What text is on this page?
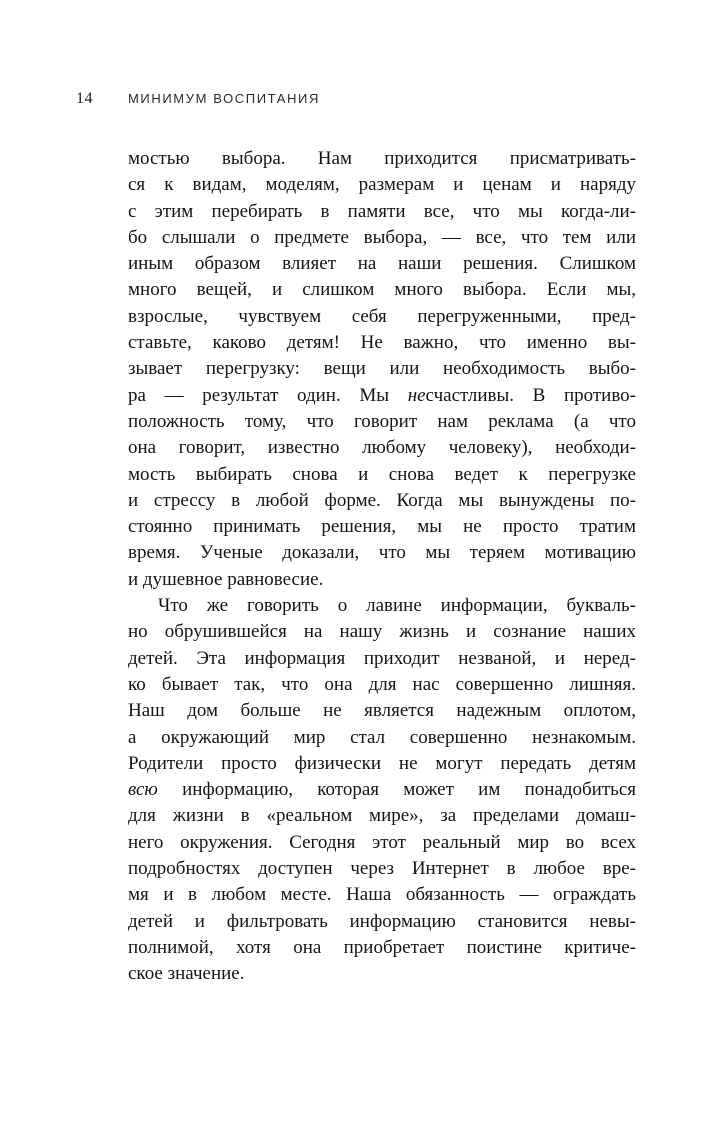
14	МИНИМУМ ВОСПИТАНИЯ
мостью выбора. Нам приходится присматривать-
ся к видам, моделям, размерам и ценам и наряду
с этим перебирать в памяти все, что мы когда-ли-
бо слышали о предмете выбора, — все, что тем или
иным образом влияет на наши решения. Слишком
много вещей, и слишком много выбора. Если мы,
взрослые, чувствуем себя перегруженными, пред-
ставьте, каково детям! Не важно, что именно вы-
зывает перегрузку: вещи или необходимость выбо-
ра — результат один. Мы несчастливы. В противо-
положность тому, что говорит нам реклама (а что
она говорит, известно любому человеку), необходи-
мость выбирать снова и снова ведет к перегрузке
и стрессу в любой форме. Когда мы вынуждены по-
стоянно принимать решения, мы не просто тратим
время. Ученые доказали, что мы теряем мотивацию
и душевное равновесие.
Что же говорить о лавине информации, букваль-
но обрушившейся на нашу жизнь и сознание наших
детей. Эта информация приходит незваной, и неред-
ко бывает так, что она для нас совершенно лишняя.
Наш дом больше не является надежным оплотом,
а окружающий мир стал совершенно незнакомым.
Родители просто физически не могут передать детям
всю информацию, которая может им понадобиться
для жизни в «реальном мире», за пределами домаш-
него окружения. Сегодня этот реальный мир во всех
подробностях доступен через Интернет в любое вре-
мя и в любом месте. Наша обязанность — ограждать
детей и фильтровать информацию становится невы-
полнимой, хотя она приобретает поистине критиче-
ское значение.
